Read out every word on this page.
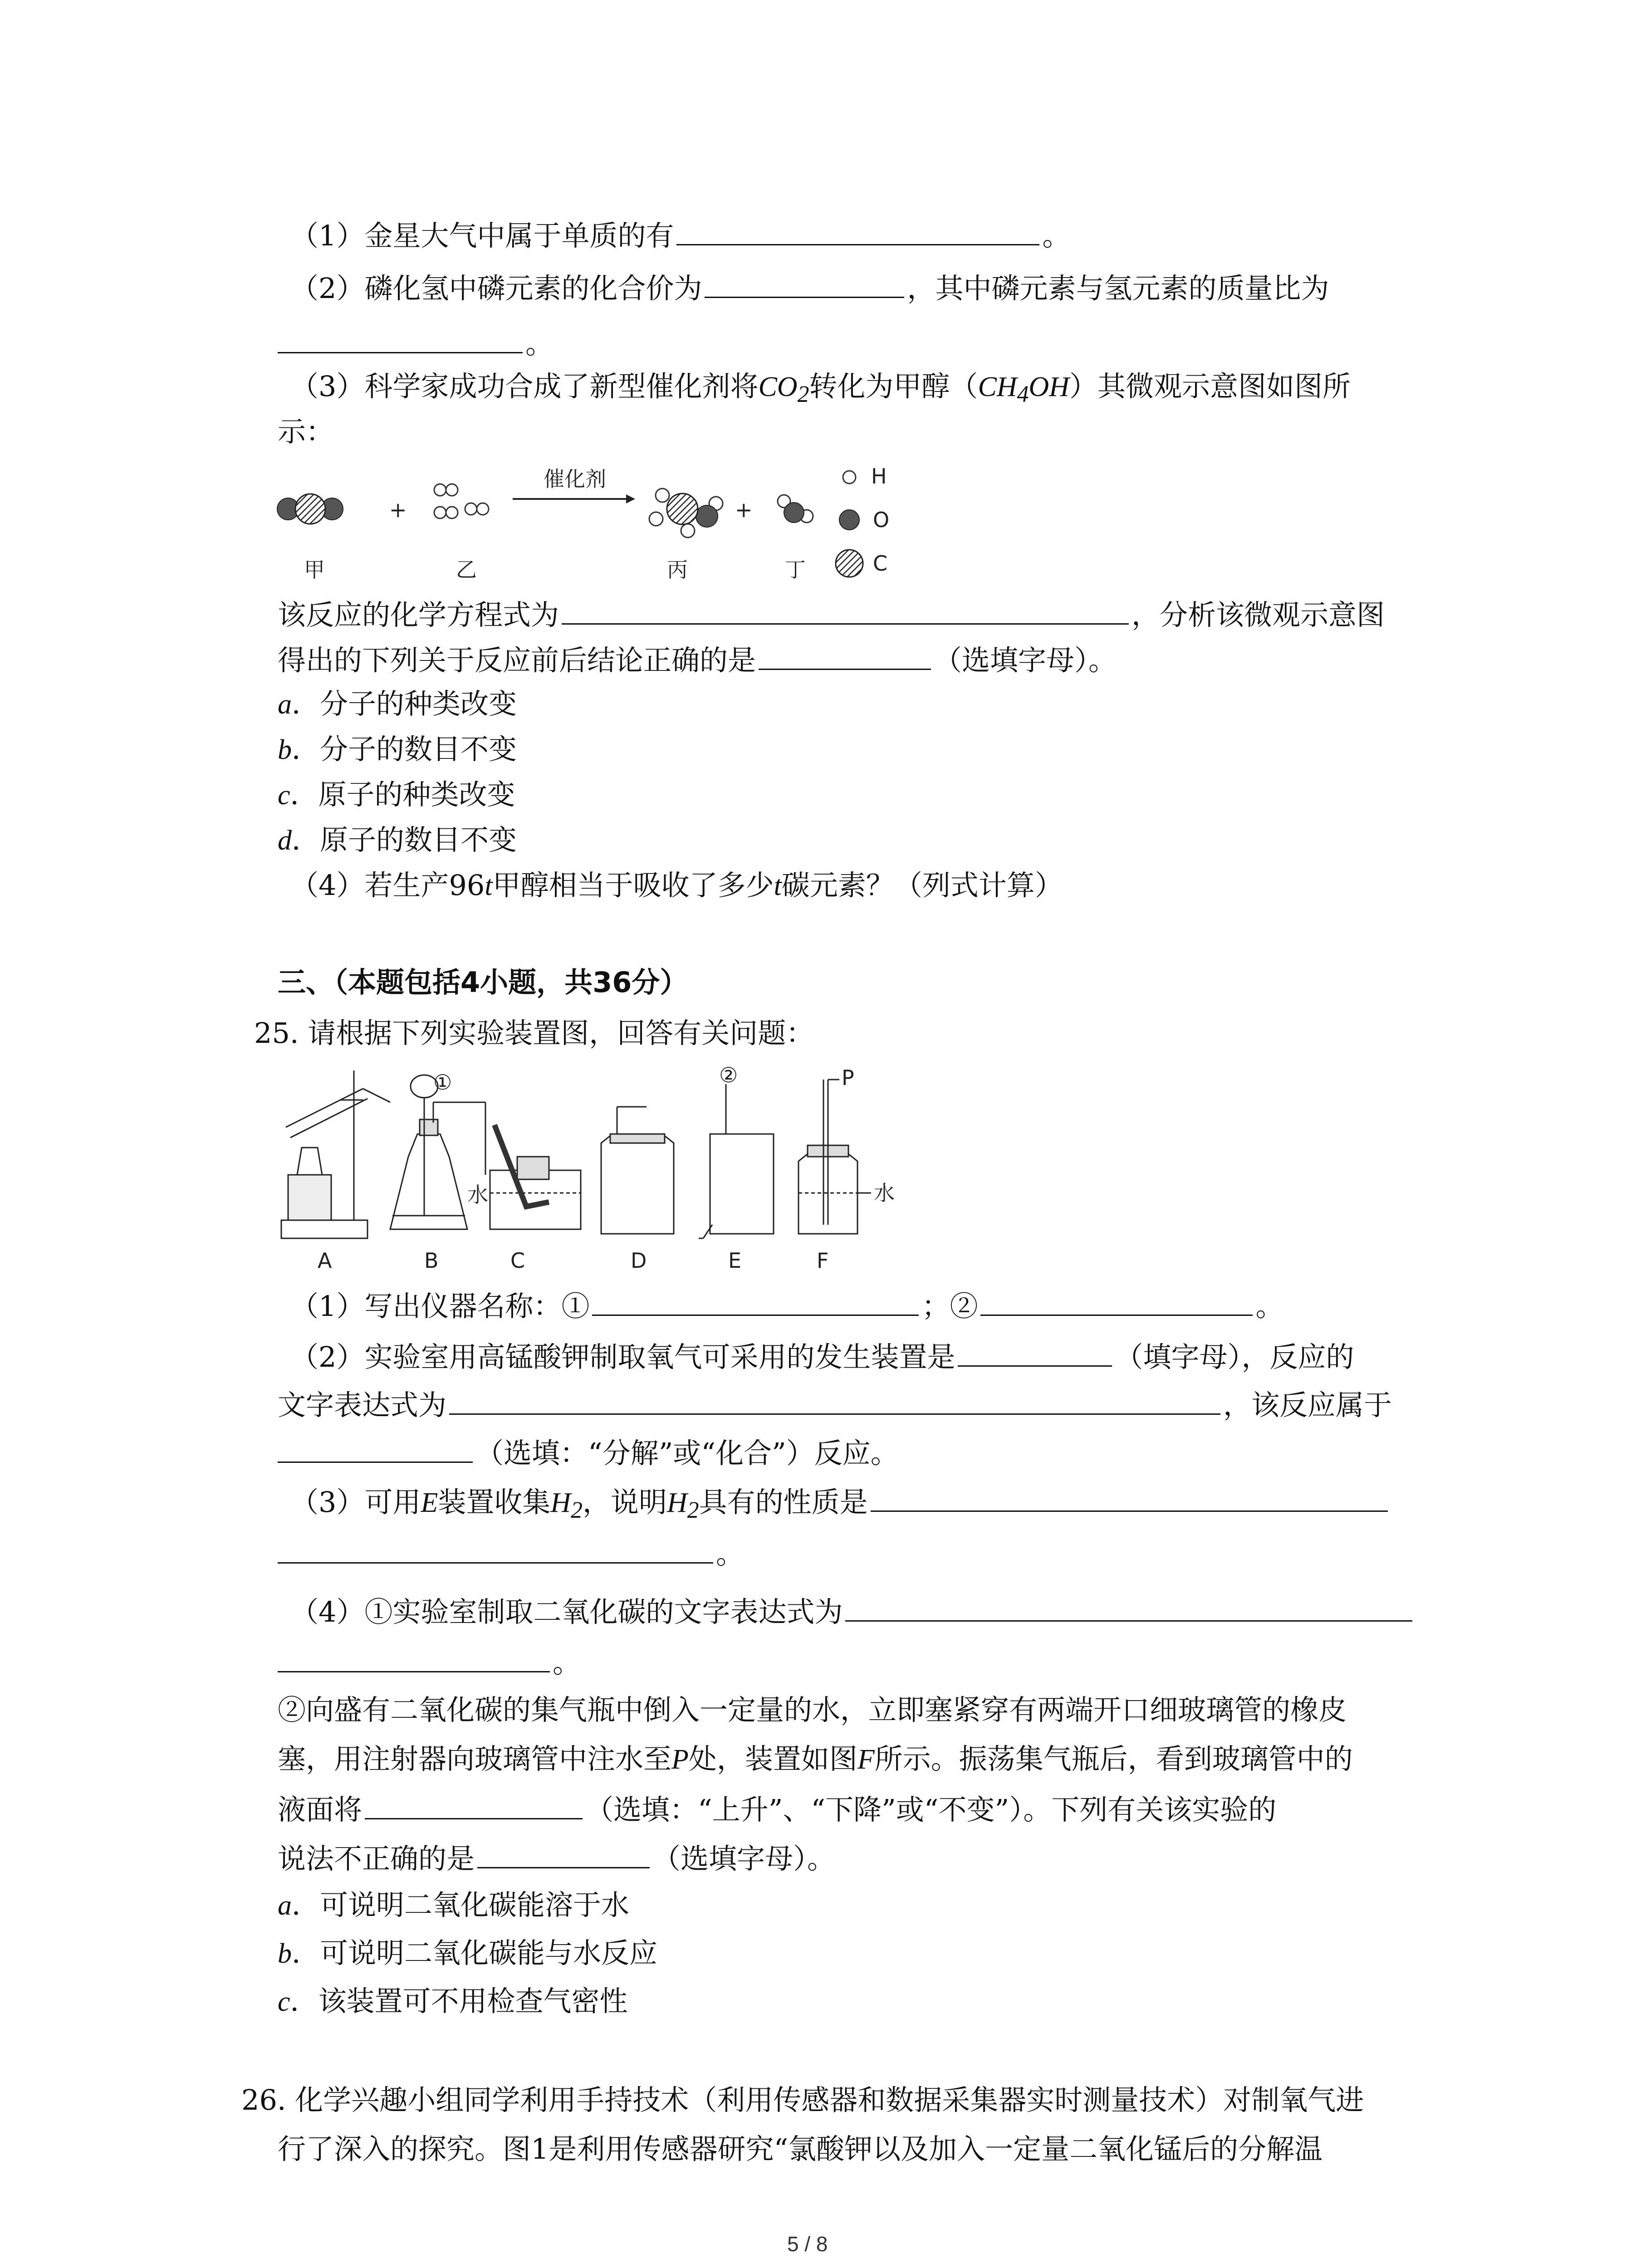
（1）金星大气中属于单质的有	。
（2）磷化氢中磷元素的化合价为	，其中磷元素与氢元素的质量比为
。
（3）科学家成功合成了新型催化剂将$CO_2$转化为甲醇$(CH_4OH)$其微观示意图如图所
示：
+
催化剂
+
H
O
C
甲	乙	丙	丁
该反应的化学方程式为	，分析该微观示意图
得出的下列关于反应前后结论正确的是	（选填字母）。
a．分子的种类改变
b．分子的数目不变
c．原子的种类改变
d．原子的数目不变
（4）若生产96t甲醇相当于吸收了多少t碳元素？（列式计算）
三、（本题包括4小题，共36分）
25. 请根据下列实验装置图，回答有关问题：
①	②	P
水	水
A	B	C	D	E	F
（1）写出仪器名称：①	；②	。
（2）实验室用高锰酸钾制取氧气可采用的发生装置是	（填字母），反应的
文字表达式为	，该反应属于
（选填：“分解”或“化合”）反应。
（3）可用E装置收集$H_2$，说明$H_2$具有的性质是
。
（4）①实验室制取二氧化碳的文字表达式为
。
②向盛有二氧化碳的集气瓶中倒入一定量的水，立即塞紧穿有两端开口细玻璃管的橡皮
塞，用注射器向玻璃管中注水至P处，装置如图F所示。振荡集气瓶后，看到玻璃管中的
液面将	（选填：“上升”、“下降”或“不变”）。下列有关该实验的
说法不正确的是	（选填字母）。
a．可说明二氧化碳能溶于水
b．可说明二氧化碳能与水反应
c．该装置可不用检查气密性
26. 化学兴趣小组同学利用手持技术（利用传感器和数据采集器实时测量技术）对制氧气进
行了深入的探究。图1是利用传感器研究“氯酸钾以及加入一定量二氧化锰后的分解温
5 / 8
